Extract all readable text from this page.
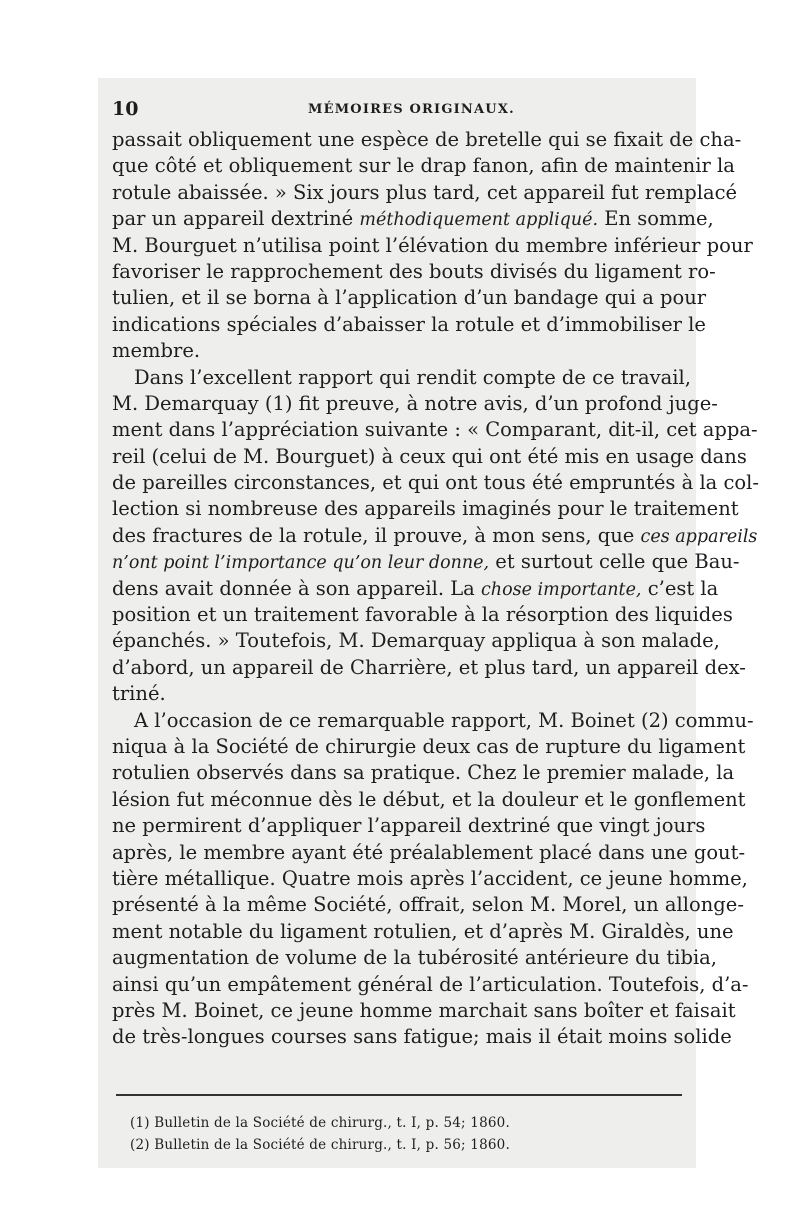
10	MÉMOIRES ORIGINAUX.
passait obliquement une espèce de bretelle qui se fixait de cha-
que côté et obliquement sur le drap fanon, afin de maintenir la
rotule abaissée. » Six jours plus tard, cet appareil fut remplacé
par un appareil dextriné méthodiquement appliqué. En somme,
M. Bourguet n’utilisa point l’élévation du membre inférieur pour
favoriser le rapprochement des bouts divisés du ligament ro-
tulien, et il se borna à l’application d’un bandage qui a pour
indications spéciales d’abaisser la rotule et d’immobiliser le
membre.
Dans l’excellent rapport qui rendit compte de ce travail,
M. Demarquay (1) fit preuve, à notre avis, d’un profond juge-
ment dans l’appréciation suivante : « Comparant, dit-il, cet appa-
reil (celui de M. Bourguet) à ceux qui ont été mis en usage dans
de pareilles circonstances, et qui ont tous été empruntés à la col-
lection si nombreuse des appareils imaginés pour le traitement
des fractures de la rotule, il prouve, à mon sens, que ces appareils
n’ont point l’importance qu’on leur donne, et surtout celle que Bau-
dens avait donnée à son appareil. La chose importante, c’est la
position et un traitement favorable à la résorption des liquides
épanchés. » Toutefois, M. Demarquay appliqua à son malade,
d’abord, un appareil de Charrière, et plus tard, un appareil dex-
triné.
A l’occasion de ce remarquable rapport, M. Boinet (2) commu-
niqua à la Société de chirurgie deux cas de rupture du ligament
rotulien observés dans sa pratique. Chez le premier malade, la
lésion fut méconnue dès le début, et la douleur et le gonflement
ne permirent d’appliquer l’appareil dextriné que vingt jours
après, le membre ayant été préalablement placé dans une gout-
tière métallique. Quatre mois après l’accident, ce jeune homme,
présenté à la même Société, offrait, selon M. Morel, un allonge-
ment notable du ligament rotulien, et d’après M. Giraldès, une
augmentation de volume de la tubérosité antérieure du tibia,
ainsi qu’un empâtement général de l’articulation. Toutefois, d’a-
près M. Boinet, ce jeune homme marchait sans boîter et faisait
de très-longues courses sans fatigue; mais il était moins solide
(1) Bulletin de la Société de chirurg., t. I, p. 54; 1860.
(2) Bulletin de la Société de chirurg., t. I, p. 56; 1860.
